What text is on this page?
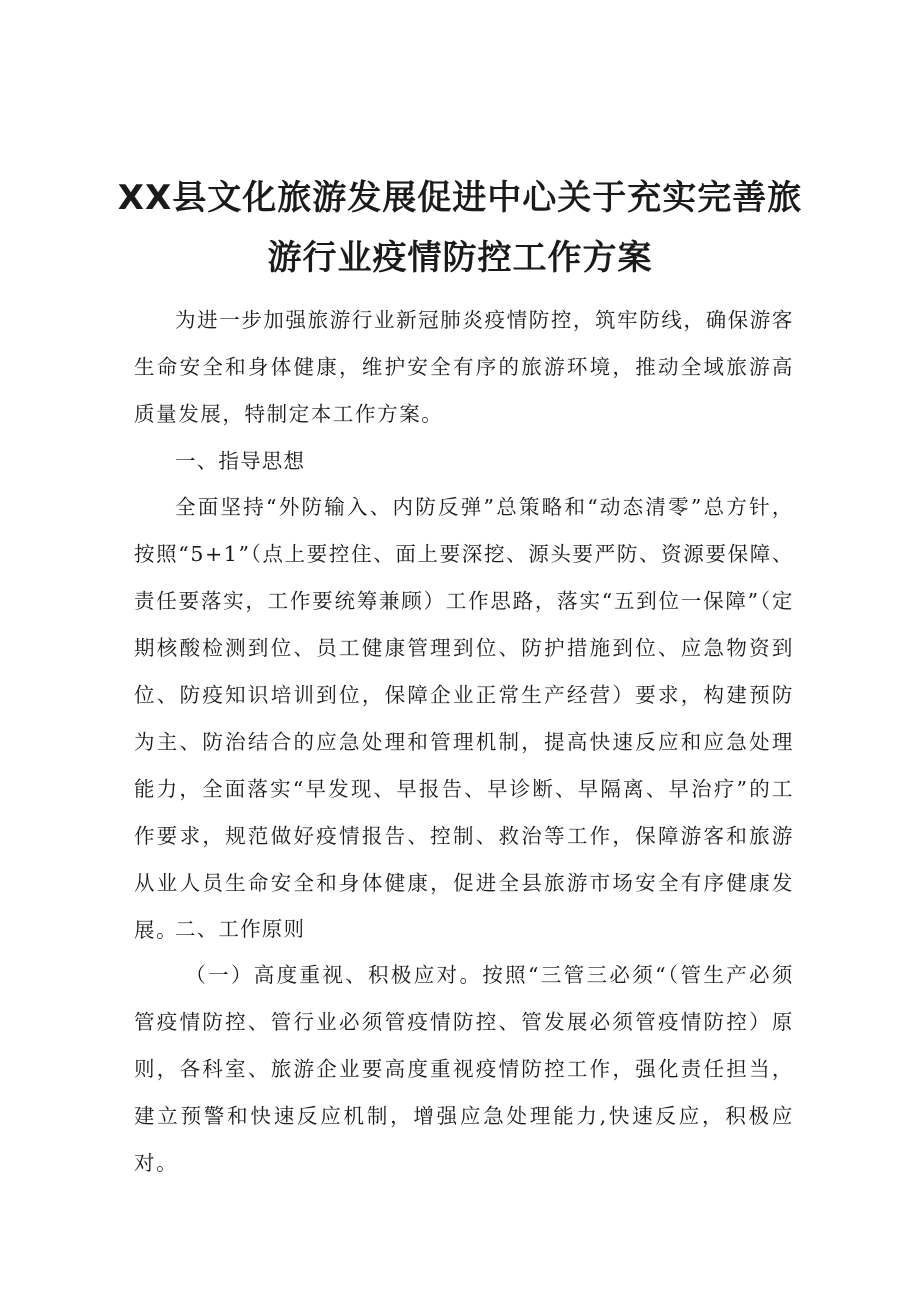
XX县文化旅游发展促进中心关于充实完善旅
游行业疫情防控工作方案

为进一步加强旅游行业新冠肺炎疫情防控，筑牢防线，确保游客生命安全和身体健康，维护安全有序的旅游环境，推动全域旅游高质量发展，特制定本工作方案。

一、指导思想

全面坚持“外防输入、内防反弹”总策略和“动态清零”总方针，按照“5+1”（点上要控住、面上要深挖、源头要严防、资源要保障、责任要落实，工作要统筹兼顾）工作思路，落实“五到位一保障”（定期核酸检测到位、员工健康管理到位、防护措施到位、应急物资到位、防疫知识培训到位，保障企业正常生产经营）要求，构建预防为主、防治结合的应急处理和管理机制，提高快速反应和应急处理能力，全面落实“早发现、早报告、早诊断、早隔离、早治疗”的工作要求，规范做好疫情报告、控制、救治等工作，保障游客和旅游从业人员生命安全和身体健康，促进全县旅游市场安全有序健康发展。

二、工作原则

（一）高度重视、积极应对。按照“三管三必须“（管生产必须管疫情防控、管行业必须管疫情防控、管发展必须管疫情防控）原则，各科室、旅游企业要高度重视疫情防控工作，强化责任担当，建立预警和快速反应机制，增强应急处理能力,快速反应，积极应对。
